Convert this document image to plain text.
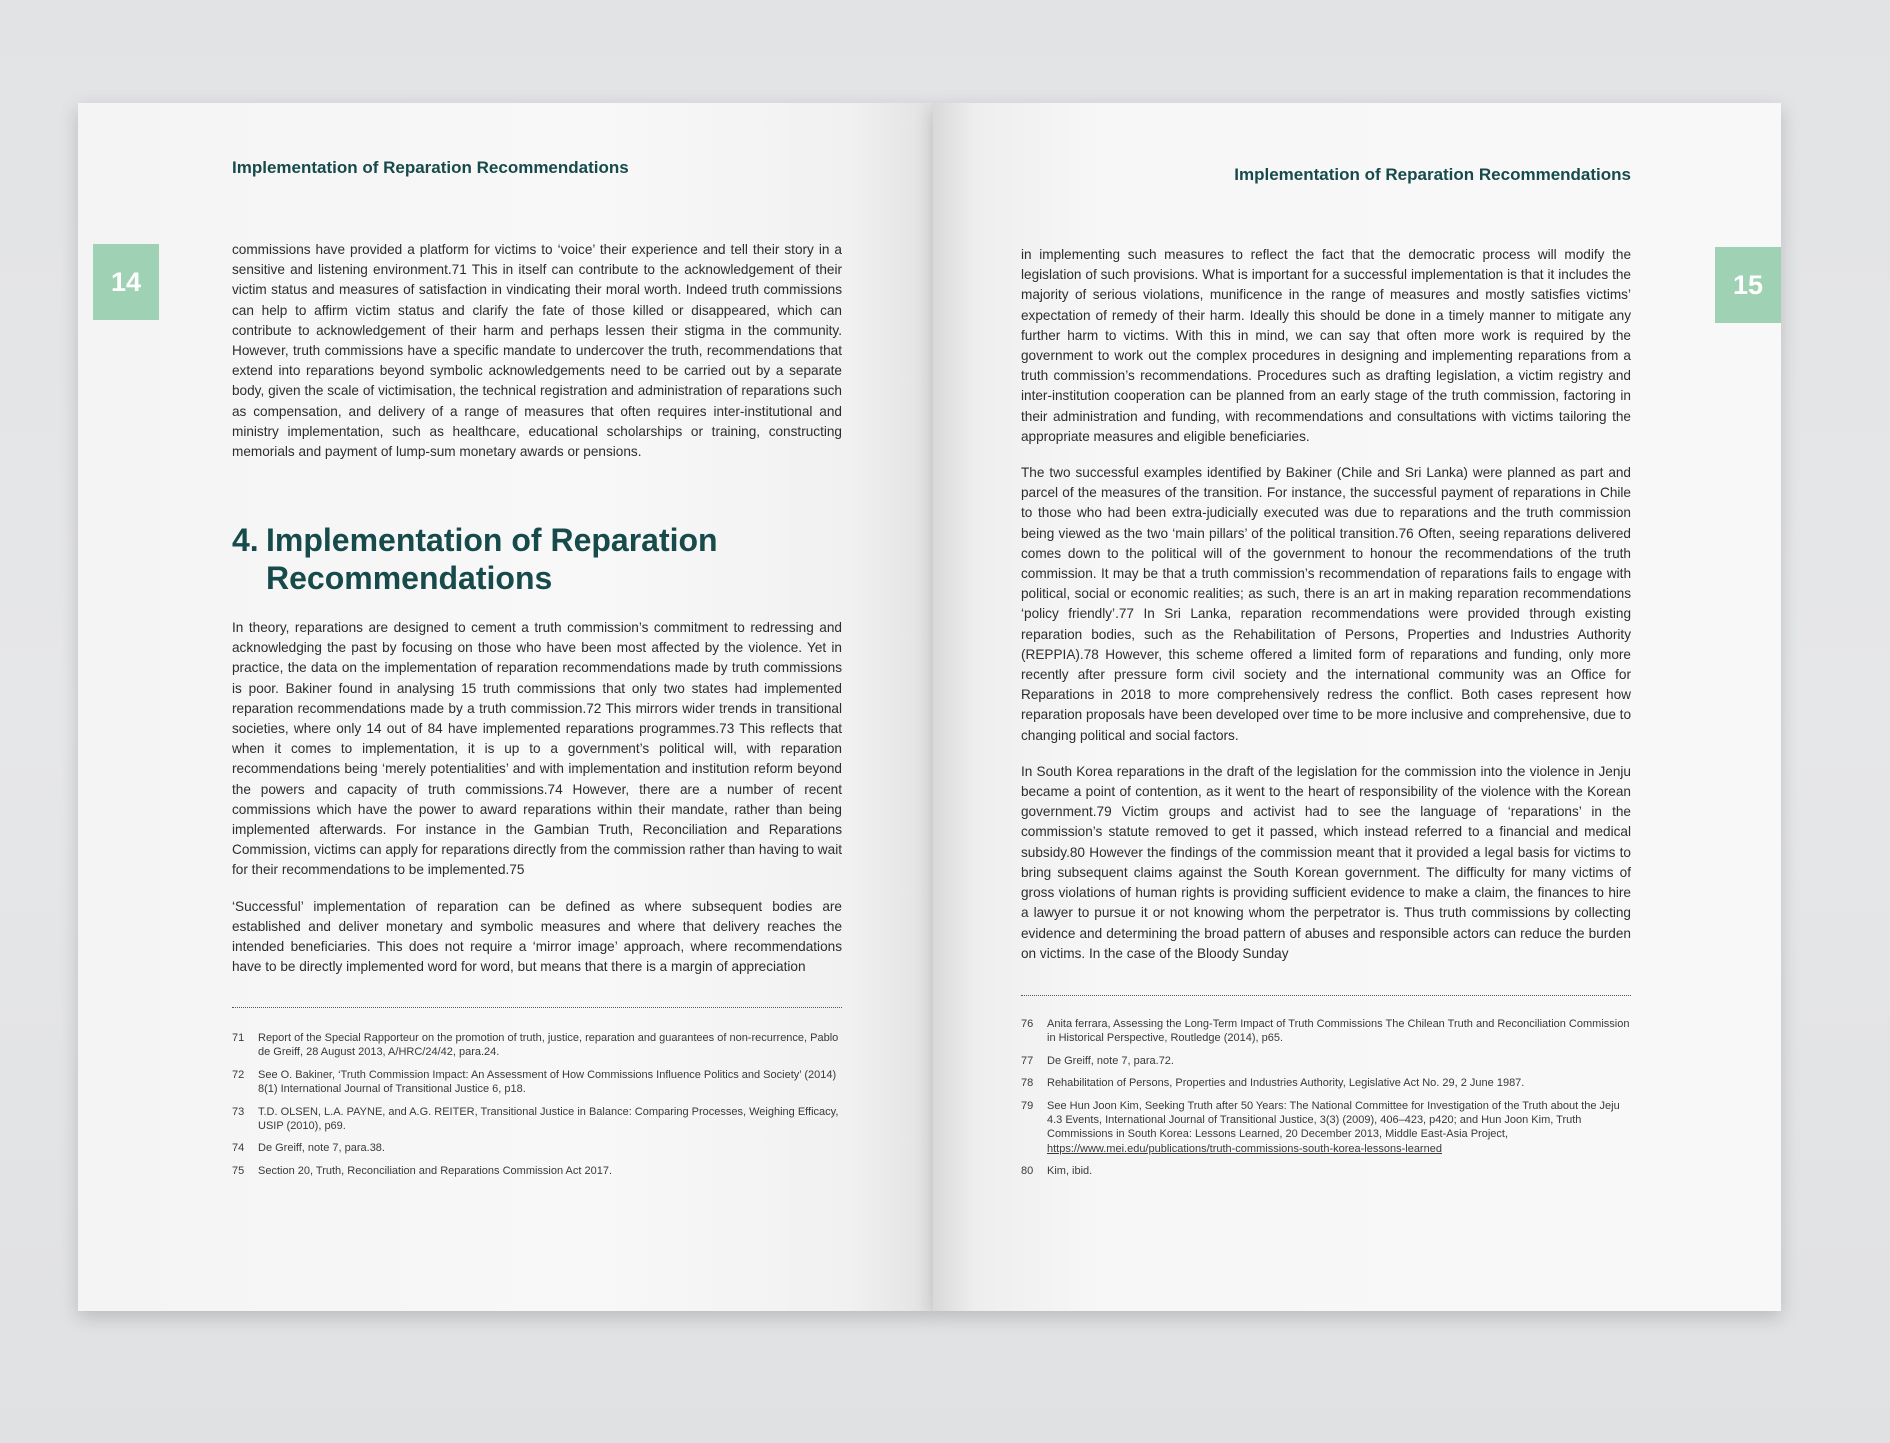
Implementation of Reparation Recommendations
14

commissions have provided a platform for victims to ‘voice’ their experience and tell their story in a sensitive and listening environment.71 This in itself can contribute to the acknowledgement of their victim status and measures of satisfaction in vindicating their moral worth. Indeed truth commissions can help to affirm victim status and clarify the fate of those killed or disappeared, which can contribute to acknowledgement of their harm and perhaps lessen their stigma in the community. However, truth commissions have a specific mandate to undercover the truth, recommendations that extend into reparations beyond symbolic acknowledgements need to be carried out by a separate body, given the scale of victimisation, the technical registration and administration of reparations such as compensation, and delivery of a range of measures that often requires inter-institutional and ministry implementation, such as healthcare, educational scholarships or training, constructing memorials and payment of lump-sum monetary awards or pensions.

4. Implementation of Reparation Recommendations

In theory, reparations are designed to cement a truth commission’s commitment to redressing and acknowledging the past by focusing on those who have been most affected by the violence. Yet in practice, the data on the implementation of reparation recommendations made by truth commissions is poor. Bakiner found in analysing 15 truth commissions that only two states had implemented reparation recommendations made by a truth commission.72 This mirrors wider trends in transitional societies, where only 14 out of 84 have implemented reparations programmes.73 This reflects that when it comes to implementation, it is up to a government’s political will, with reparation recommendations being ‘merely potentialities’ and with implementation and institution reform beyond the powers and capacity of truth commissions.74 However, there are a number of recent commissions which have the power to award reparations within their mandate, rather than being implemented afterwards. For instance in the Gambian Truth, Reconciliation and Reparations Commission, victims can apply for reparations directly from the commission rather than having to wait for their recommendations to be implemented.75

‘Successful’ implementation of reparation can be defined as where subsequent bodies are established and deliver monetary and symbolic measures and where that delivery reaches the intended beneficiaries. This does not require a ‘mirror image’ approach, where recommendations have to be directly implemented word for word, but means that there is a margin of appreciation

71	Report of the Special Rapporteur on the promotion of truth, justice, reparation and guarantees of non-recurrence, Pablo de Greiff, 28 August 2013, A/HRC/24/42, para.24.
72	See O. Bakiner, ‘Truth Commission Impact: An Assessment of How Commissions Influence Politics and Society’ (2014) 8(1) International Journal of Transitional Justice 6, p18.
73	T.D. OLSEN, L.A. PAYNE, and A.G. REITER, Transitional Justice in Balance: Comparing Processes, Weighing Efficacy, USIP (2010), p69.
74	De Greiff, note 7, para.38.
75	Section 20, Truth, Reconciliation and Reparations Commission Act 2017.
Implementation of Reparation Recommendations
15

in implementing such measures to reflect the fact that the democratic process will modify the legislation of such provisions. What is important for a successful implementation is that it includes the majority of serious violations, munificence in the range of measures and mostly satisfies victims’ expectation of remedy of their harm. Ideally this should be done in a timely manner to mitigate any further harm to victims. With this in mind, we can say that often more work is required by the government to work out the complex procedures in designing and implementing reparations from a truth commission’s recommendations. Procedures such as drafting legislation, a victim registry and inter-institution cooperation can be planned from an early stage of the truth commission, factoring in their administration and funding, with recommendations and consultations with victims tailoring the appropriate measures and eligible beneficiaries.

The two successful examples identified by Bakiner (Chile and Sri Lanka) were planned as part and parcel of the measures of the transition. For instance, the successful payment of reparations in Chile to those who had been extra-judicially executed was due to reparations and the truth commission being viewed as the two ‘main pillars’ of the political transition.76 Often, seeing reparations delivered comes down to the political will of the government to honour the recommendations of the truth commission. It may be that a truth commission’s recommendation of reparations fails to engage with political, social or economic realities; as such, there is an art in making reparation recommendations ‘policy friendly’.77 In Sri Lanka, reparation recommendations were provided through existing reparation bodies, such as the Rehabilitation of Persons, Properties and Industries Authority (REPPIA).78 However, this scheme offered a limited form of reparations and funding, only more recently after pressure form civil society and the international community was an Office for Reparations in 2018 to more comprehensively redress the conflict. Both cases represent how reparation proposals have been developed over time to be more inclusive and comprehensive, due to changing political and social factors.

In South Korea reparations in the draft of the legislation for the commission into the violence in Jenju became a point of contention, as it went to the heart of responsibility of the violence with the Korean government.79 Victim groups and activist had to see the language of ‘reparations’ in the commission’s statute removed to get it passed, which instead referred to a financial and medical subsidy.80 However the findings of the commission meant that it provided a legal basis for victims to bring subsequent claims against the South Korean government. The difficulty for many victims of gross violations of human rights is providing sufficient evidence to make a claim, the finances to hire a lawyer to pursue it or not knowing whom the perpetrator is. Thus truth commissions by collecting evidence and determining the broad pattern of abuses and responsible actors can reduce the burden on victims. In the case of the Bloody Sunday

76	Anita ferrara, Assessing the Long-Term Impact of Truth Commissions The Chilean Truth and Reconciliation Commission in Historical Perspective, Routledge (2014), p65.
77	De Greiff, note 7, para.72.
78	Rehabilitation of Persons, Properties and Industries Authority, Legislative Act No. 29, 2 June 1987.
79	See Hun Joon Kim, Seeking Truth after 50 Years: The National Committee for Investigation of the Truth about the Jeju 4.3 Events, International Journal of Transitional Justice, 3(3) (2009), 406–423, p420; and Hun Joon Kim, Truth Commissions in South Korea: Lessons Learned, 20 December 2013, Middle East-Asia Project, https://www.mei.edu/publications/truth-commissions-south-korea-lessons-learned
80	Kim, ibid.
